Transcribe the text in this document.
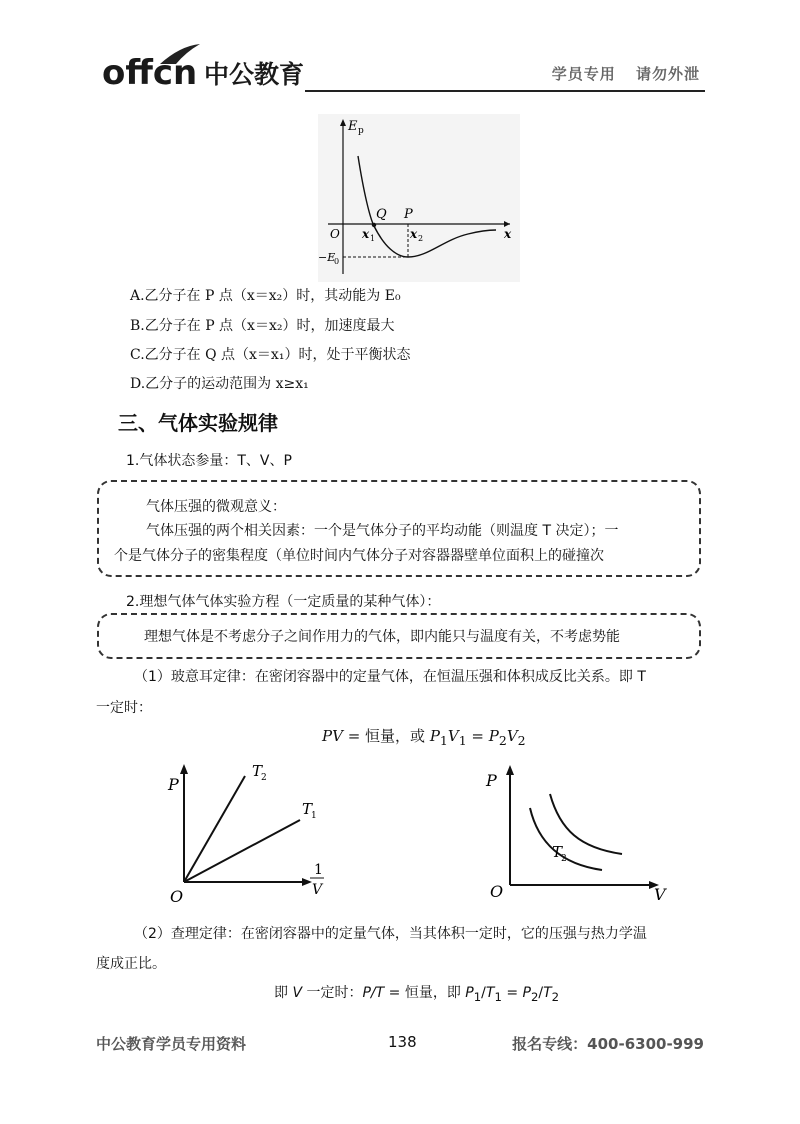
offcn 中公教育	学员专用 请勿外泄
E p
Q P
O x 1	x 2	x
−E
0
A.乙分子在 P 点（x＝x₂）时，其动能为 E₀
B.乙分子在 P 点（x＝x₂）时，加速度最大
C.乙分子在 Q 点（x＝x₁）时，处于平衡状态
D.乙分子的运动范围为 x≥x₁
三、气体实验规律
1.气体状态参量：T、V、P
气体压强的微观意义：
气体压强的两个相关因素：一个是气体分子的平均动能（则温度 T 决定）；一
个是气体分子的密集程度（单位时间内气体分子对容器器壁单位面积上的碰撞次
2.理想气体气体实验方程（一定质量的某种气体）：
理想气体是不考虑分子之间作用力的气体，即内能只与温度有关，不考虑势能
（1）玻意耳定律：在密闭容器中的定量气体，在恒温压强和体积成反比关系。即 T
一定时：
PV = 恒量，或 $P_1V_1 = P_2V_2$
P
O
T
2
T
1
1
V
P
O
T
2
V
（2）查理定律：在密闭容器中的定量气体，当其体积一定时，它的压强与热力学温
度成正比。
即 V 一定时：P/T = 恒量，即 $P_1/T_1 = P_2/T_2$
中公教育学员专用资料	138	报名专线：400-6300-999
